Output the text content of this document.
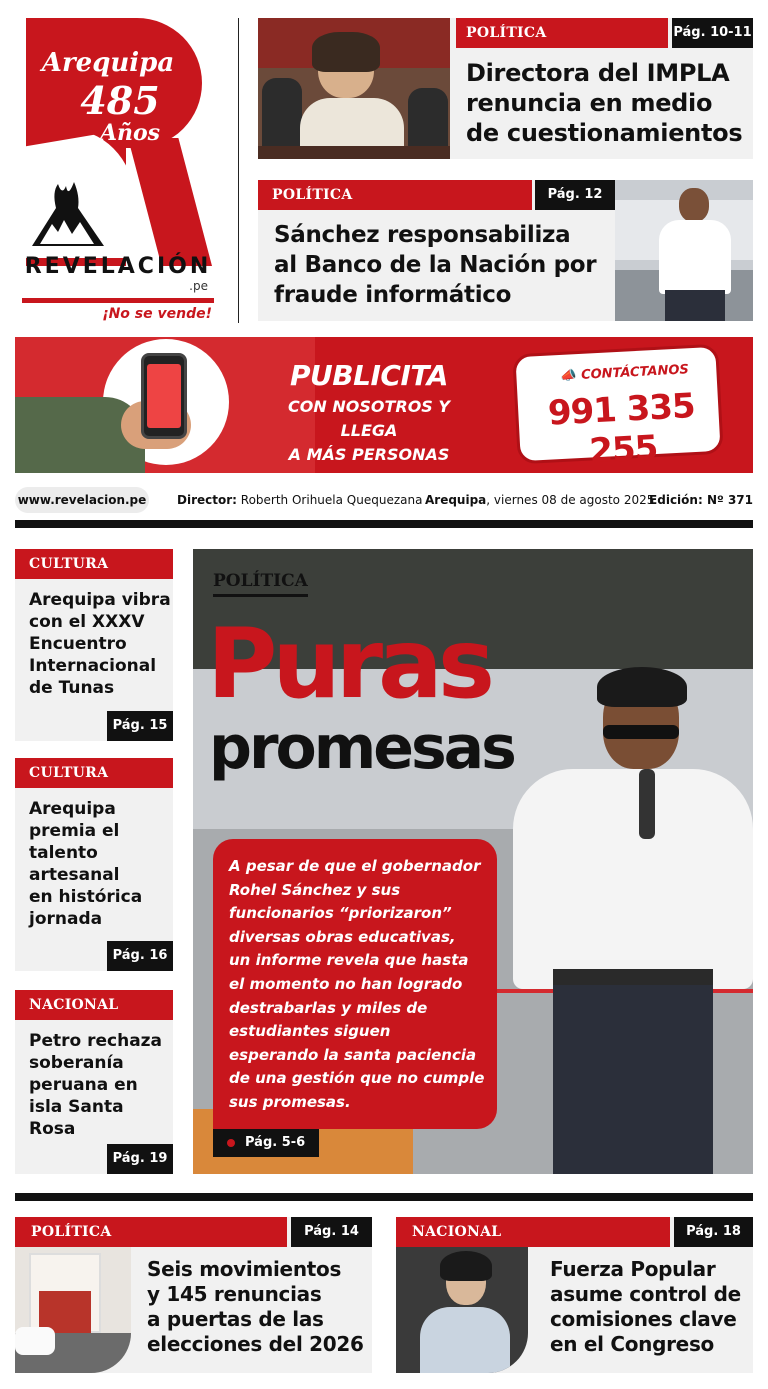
Arequipa
485
Años
REVELACIÓN
.pe
¡No se vende!
POLÍTICA	Pág. 10-11
Directora del IMPLA
renuncia en medio
de cuestionamientos
POLÍTICA	Pág. 12
Sánchez responsabiliza
al Banco de la Nación por
fraude informático
PUBLICITA
CON NOSOTROS Y LLEGA
A MÁS PERSONAS
📣 CONTÁCTANOS
991 335 255
www.revelacion.pe	Director: Roberth Orihuela Quequezana Arequipa, viernes 08 de agosto 2025
Edición: Nº 371
CULTURA
Arequipa vibra
con el XXXV
Encuentro
Internacional
de Tunas
Pág. 15
CULTURA
Arequipa
premia el
talento
artesanal
en histórica
jornada
Pág. 16
NACIONAL
Petro rechaza
soberanía
peruana en
isla Santa
Rosa
Pág. 19
POLÍTICA
Puras
promesas
A pesar de que el gobernador
Rohel Sánchez y sus
funcionarios “priorizaron”
diversas obras educativas,
un informe revela que hasta
el momento no han logrado
destrabarlas y miles de
estudiantes siguen
esperando la santa paciencia
de una gestión que no cumple
sus promesas.
Pág. 5-6
POLÍTICA	Pág. 14
Seis movimientos
y 145 renuncias
a puertas de las
elecciones del 2026
NACIONAL	Pág. 18
Fuerza Popular
asume control de
comisiones clave
en el Congreso
